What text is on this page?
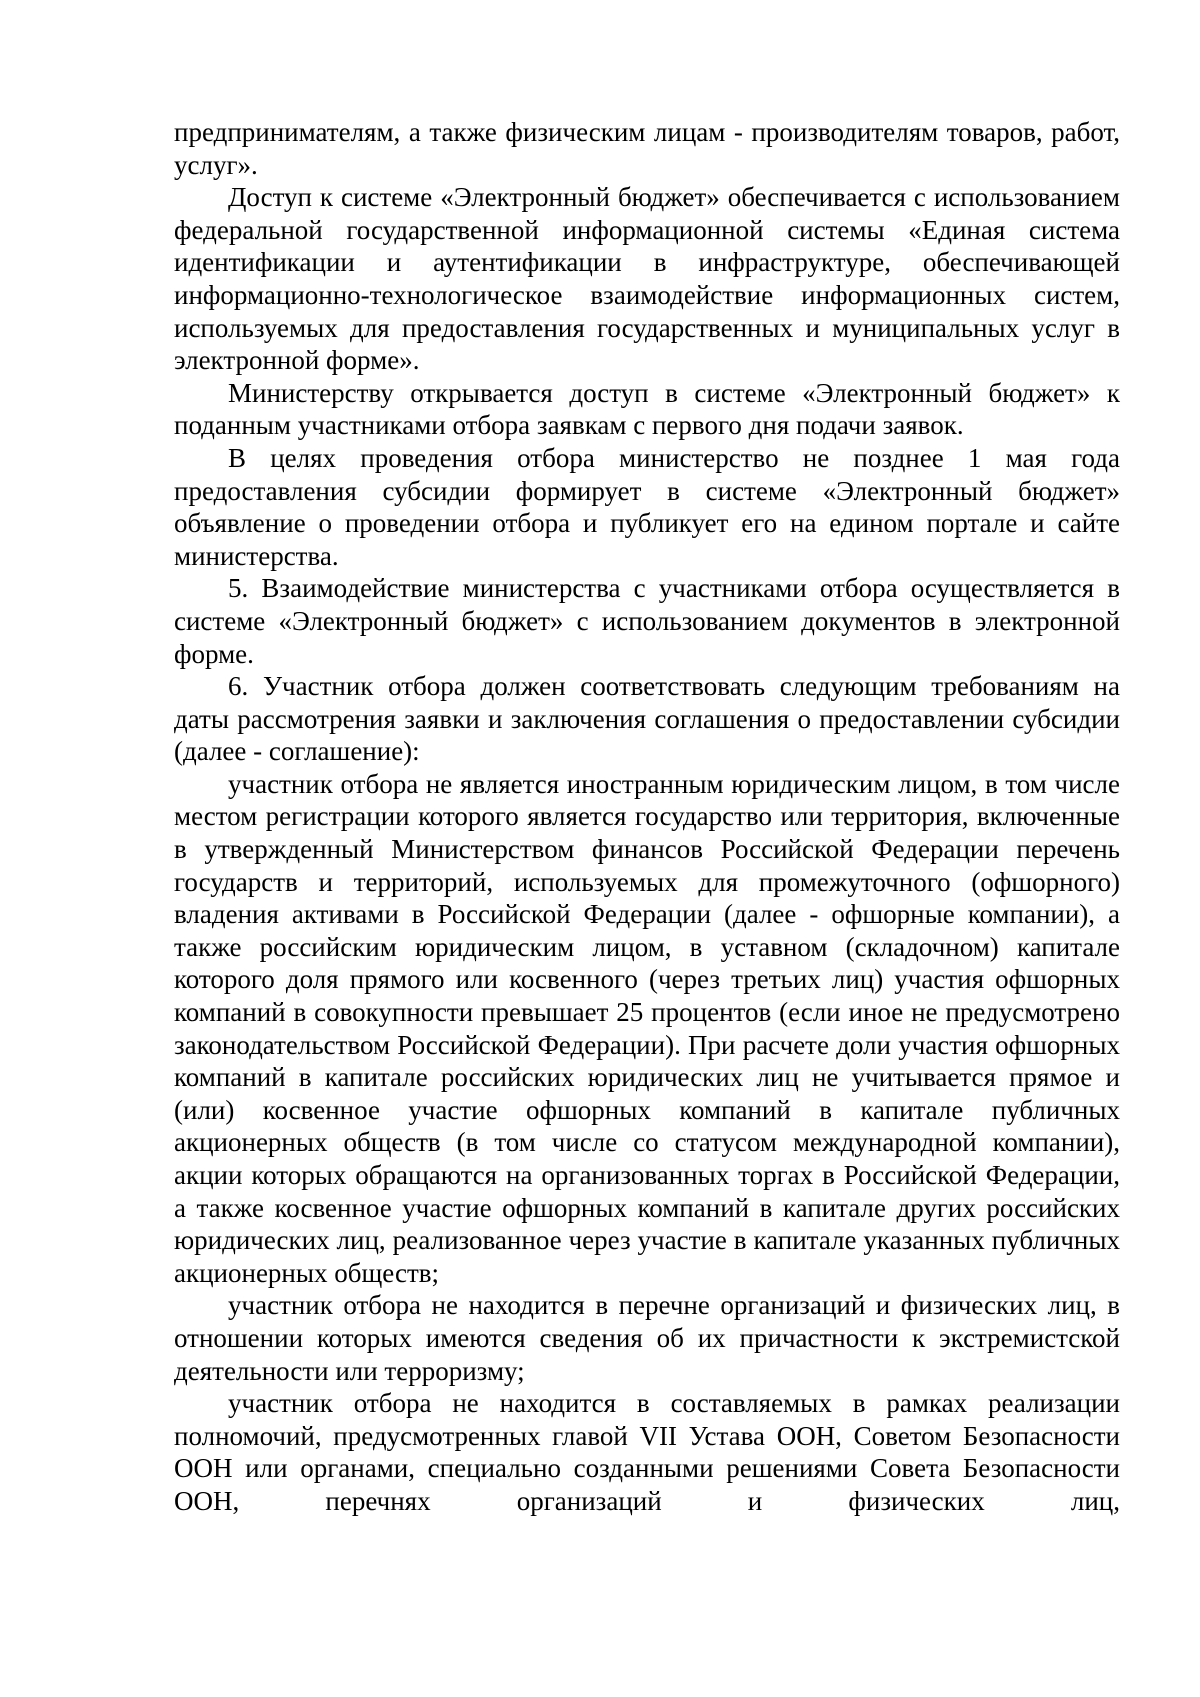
предпринимателям, а также физическим лицам - производителям товаров, работ, услуг».

Доступ к системе «Электронный бюджет» обеспечивается с использованием федеральной государственной информационной системы «Единая система идентификации и аутентификации в инфраструктуре, обеспечивающей информационно-технологическое взаимодействие информационных систем, используемых для предоставления государственных и муниципальных услуг в электронной форме».

Министерству открывается доступ в системе «Электронный бюджет» к поданным участниками отбора заявкам с первого дня подачи заявок.

В целях проведения отбора министерство не позднее 1 мая года предоставления субсидии формирует в системе «Электронный бюджет» объявление о проведении отбора и публикует его на едином портале и сайте министерства.

5. Взаимодействие министерства с участниками отбора осуществляется в системе «Электронный бюджет» с использованием документов в электронной форме.

6. Участник отбора должен соответствовать следующим требованиям на даты рассмотрения заявки и заключения соглашения о предоставлении субсидии (далее - соглашение):

участник отбора не является иностранным юридическим лицом, в том числе местом регистрации которого является государство или территория, включенные в утвержденный Министерством финансов Российской Федерации перечень государств и территорий, используемых для промежуточного (офшорного) владения активами в Российской Федерации (далее - офшорные компании), а также российским юридическим лицом, в уставном (складочном) капитале которого доля прямого или косвенного (через третьих лиц) участия офшорных компаний в совокупности превышает 25 процентов (если иное не предусмотрено законодательством Российской Федерации). При расчете доли участия офшорных компаний в капитале российских юридических лиц не учитывается прямое и (или) косвенное участие офшорных компаний в капитале публичных акционерных обществ (в том числе со статусом международной компании), акции которых обращаются на организованных торгах в Российской Федерации, а также косвенное участие офшорных компаний в капитале других российских юридических лиц, реализованное через участие в капитале указанных публичных акционерных обществ;

участник отбора не находится в перечне организаций и физических лиц, в отношении которых имеются сведения об их причастности к экстремистской деятельности или терроризму;

участник отбора не находится в составляемых в рамках реализации полномочий, предусмотренных главой VII Устава ООН, Советом Безопасности ООН или органами, специально созданными решениями Совета Безопасности ООН, перечнях организаций и физических лиц,
